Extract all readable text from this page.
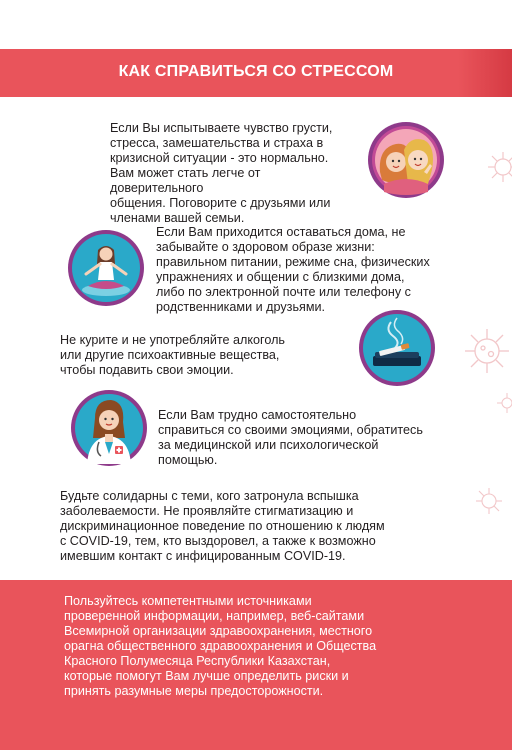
КАК СПРАВИТЬСЯ СО СТРЕССОМ

Если Вы испытываете чувство грусти,
стресса, замешательства и страха в
кризисной ситуации - это нормально.
Вам может стать легче от доверительного
общения. Поговорите с друзьями или
членами вашей семьи.

Если Вам приходится оставаться дома, не
забывайте о здоровом образе жизни:
правильном питании, режиме сна, физических
упражнениях и общении с близкими дома,
либо по электронной почте или телефону с
родственниками и друзьями.

Не курите и не употребляйте алкоголь
или другие психоактивные вещества,
чтобы подавить свои эмоции.

Если Вам трудно самостоятельно
справиться со своими эмоциями, обратитесь
за медицинской или психологической
помощью.

Будьте солидарны с теми, кого затронула вспышка
заболеваемости. Не проявляйте стигматизацию и
дискриминационное поведение по отношению к людям
с COVID-19, тем, кто выздоровел, а также к возможно
имевшим контакт с инфицированным COVID-19.

Пользуйтесь компетентными источниками
проверенной информации, например, веб-сайтами
Всемирной организации здравоохранения, местного
орагна общественного здравоохранения и Общества
Красного Полумесяца Республики Казахстан,
которые помогут Вам лучше определить риски и
принять разумные меры предосторожности.
